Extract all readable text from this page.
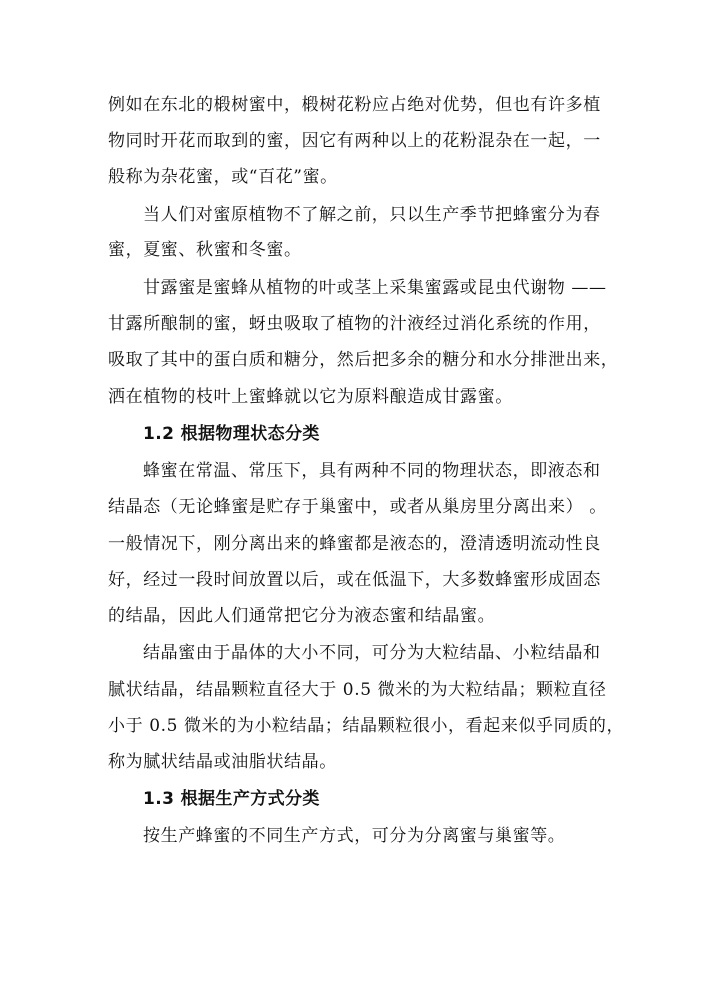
例如在东北的椴树蜜中，椴树花粉应占绝对优势，但也有许多植
物同时开花而取到的蜜，因它有两种以上的花粉混杂在一起，一
般称为杂花蜜，或“百花”蜜。
当人们对蜜原植物不了解之前，只以生产季节把蜂蜜分为春
蜜，夏蜜、秋蜜和冬蜜。
甘露蜜是蜜蜂从植物的叶或茎上采集蜜露或昆虫代谢物 ——
甘露所酿制的蜜，蚜虫吸取了植物的汁液经过消化系统的作用，
吸取了其中的蛋白质和糖分，然后把多余的糖分和水分排泄出来，
洒在植物的枝叶上蜜蜂就以它为原料酿造成甘露蜜。
1.2 根据物理状态分类
蜂蜜在常温、常压下，具有两种不同的物理状态，即液态和
结晶态（无论蜂蜜是贮存于巢蜜中，或者从巢房里分离出来） 。
一般情况下，刚分离出来的蜂蜜都是液态的，澄清透明流动性良
好，经过一段时间放置以后，或在低温下，大多数蜂蜜形成固态
的结晶，因此人们通常把它分为液态蜜和结晶蜜。
结晶蜜由于晶体的大小不同，可分为大粒结晶、小粒结晶和
腻状结晶，结晶颗粒直径大于 0.5 微米的为大粒结晶；颗粒直径
小于 0.5 微米的为小粒结晶；结晶颗粒很小，看起来似乎同质的，
称为腻状结晶或油脂状结晶。
1.3 根据生产方式分类
按生产蜂蜜的不同生产方式，可分为分离蜜与巢蜜等。
